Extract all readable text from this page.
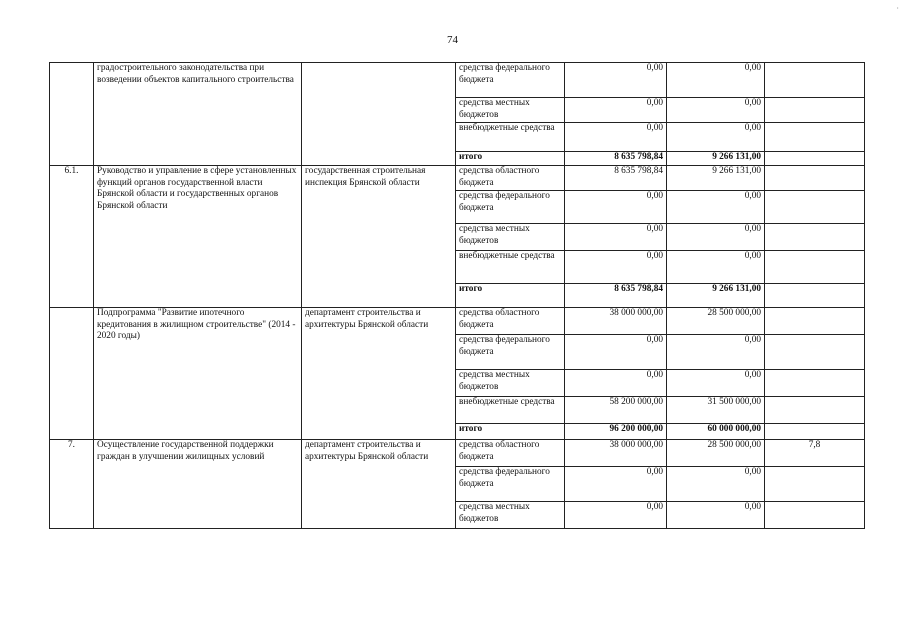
74
·
	градостроительного законодательства при возведении объектов капитального строительства		средства федерального бюджета	0,00	0,00	
			средства местных бюджетов	0,00	0,00	
			внебюджетные средства	0,00	0,00	
			итого	8 635 798,84	9 266 131,00	
6.1.	Руководство и управление в сфере установленных функций органов государственной власти Брянской области и государственных органов Брянской области	государственная строительная инспекция Брянской области	средства областного бюджета	8 635 798,84	9 266 131,00	
			средства федерального бюджета	0,00	0,00	
			средства местных бюджетов	0,00	0,00	
			внебюджетные средства	0,00	0,00	
			итого	8 635 798,84	9 266 131,00	
	Подпрограмма "Развитие ипотечного кредитования в жилищном строительстве" (2014 - 2020 годы)	департамент строительства и архитектуры Брянской области	средства областного бюджета	38 000 000,00	28 500 000,00	
			средства федерального бюджета	0,00	0,00	
			средства местных бюджетов	0,00	0,00	
			внебюджетные средства	58 200 000,00	31 500 000,00	
			итого	96 200 000,00	60 000 000,00	
7.	Осуществление государственной поддержки граждан в улучшении жилищных условий	департамент строительства и архитектуры Брянской области	средства областного бюджета	38 000 000,00	28 500 000,00	7,8
			средства федерального бюджета	0,00	0,00	
			средства местных бюджетов	0,00	0,00	
